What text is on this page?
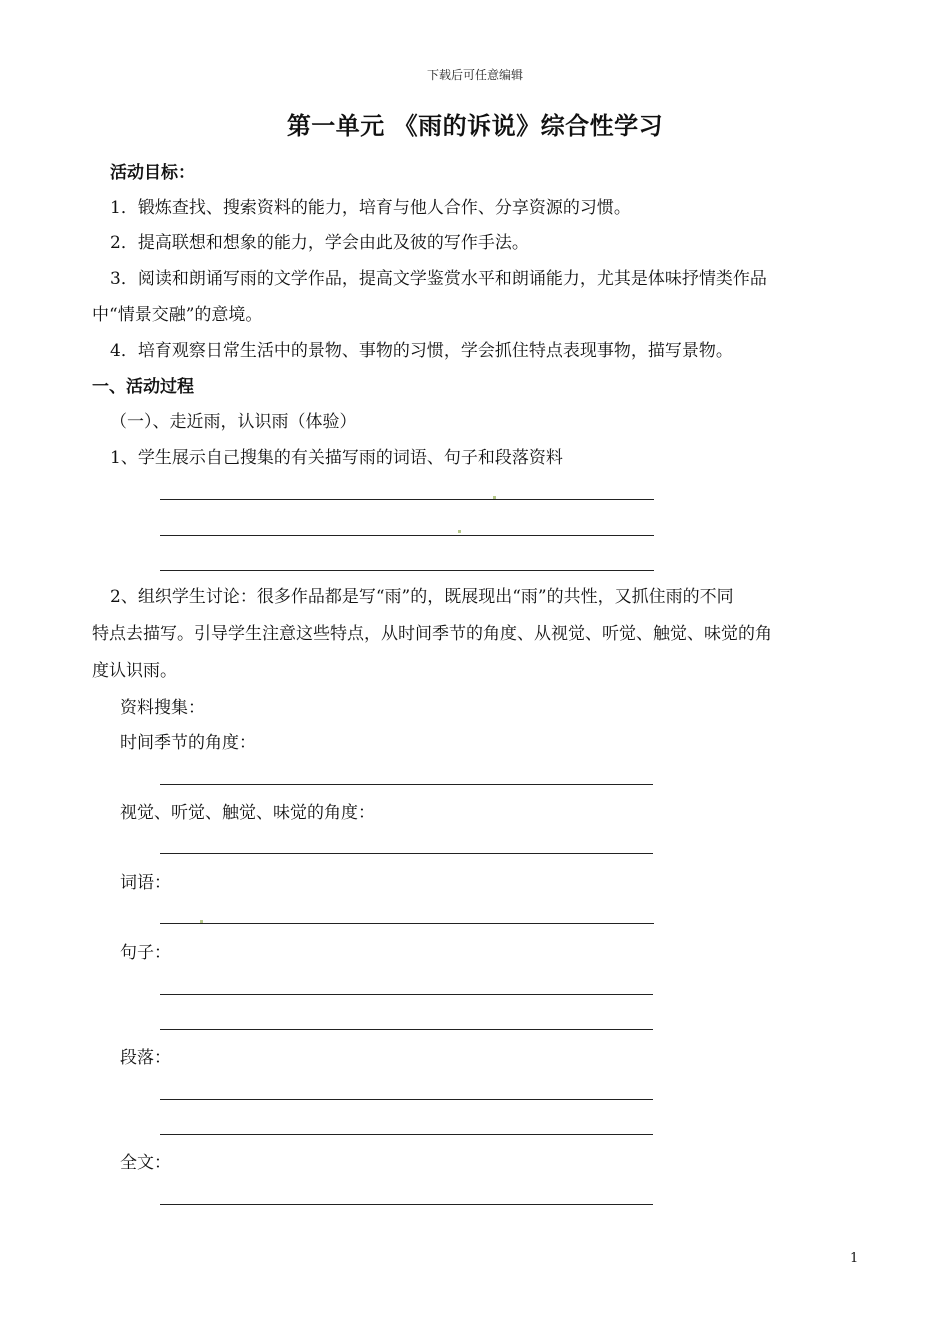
下载后可任意编辑
第一单元 《雨的诉说》综合性学习
活动目标：
1．锻炼查找、搜索资料的能力，培育与他人合作、分享资源的习惯。
2．提高联想和想象的能力，学会由此及彼的写作手法。
3．阅读和朗诵写雨的文学作品，提高文学鉴赏水平和朗诵能力，尤其是体味抒情类作品
中“情景交融”的意境。
4．培育观察日常生活中的景物、事物的习惯，学会抓住特点表现事物，描写景物。
一、活动过程
（一）、走近雨，认识雨（体验）
1、学生展示自己搜集的有关描写雨的词语、句子和段落资料
2、组织学生讨论：很多作品都是写“雨”的，既展现出“雨”的共性，又抓住雨的不同
特点去描写。引导学生注意这些特点，从时间季节的角度、从视觉、听觉、触觉、味觉的角
度认识雨。
资料搜集：
时间季节的角度：
视觉、听觉、触觉、味觉的角度：
词语：
句子：
段落：
全文：
1
